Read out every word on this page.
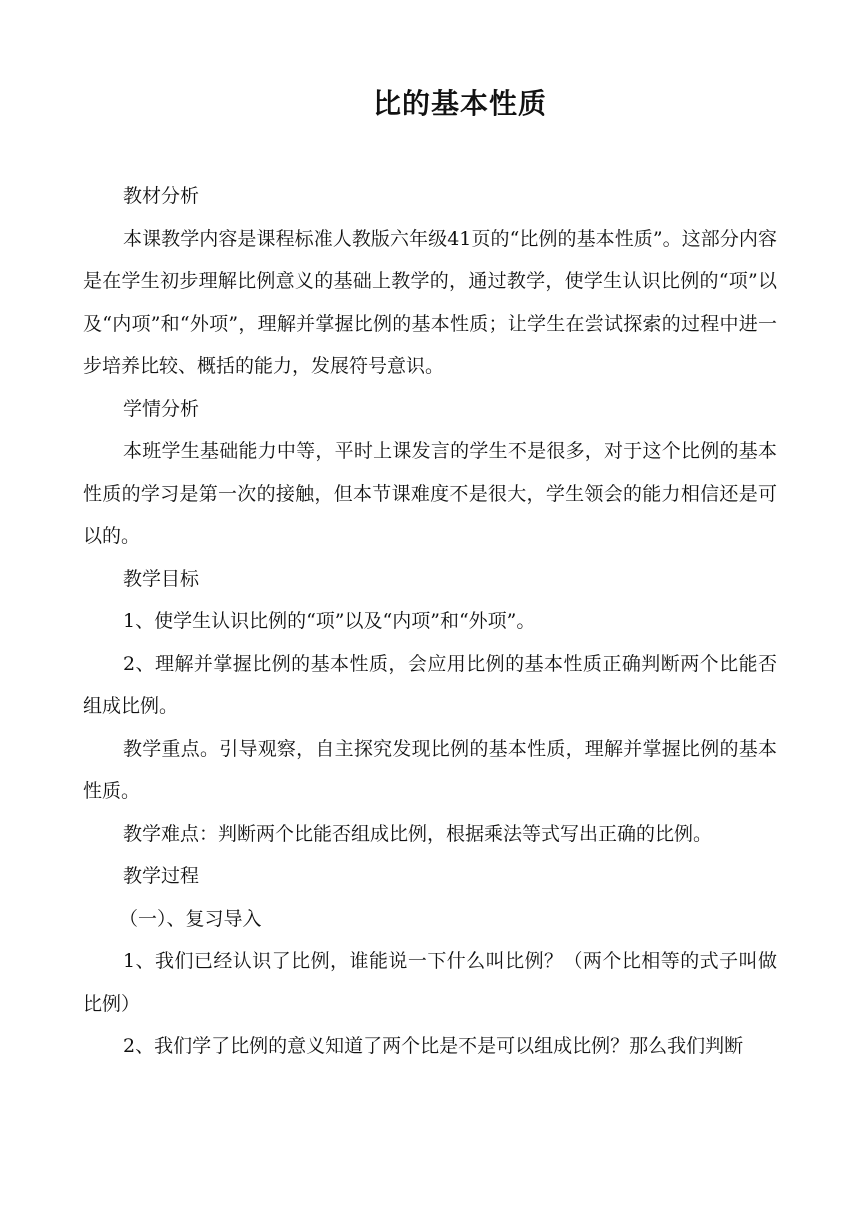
比的基本性质

教材分析

本课教学内容是课程标准人教版六年级41页的“比例的基本性质”。这部分内容是在学生初步理解比例意义的基础上教学的，通过教学，使学生认识比例的“项”以及“内项”和“外项”，理解并掌握比例的基本性质；让学生在尝试探索的过程中进一步培养比较、概括的能力，发展符号意识。

学情分析

本班学生基础能力中等，平时上课发言的学生不是很多，对于这个比例的基本性质的学习是第一次的接触，但本节课难度不是很大，学生领会的能力相信还是可以的。

教学目标

1、使学生认识比例的“项”以及“内项”和“外项”。

2、理解并掌握比例的基本性质，会应用比例的基本性质正确判断两个比能否组成比例。

教学重点。引导观察，自主探究发现比例的基本性质，理解并掌握比例的基本性质。

教学难点：判断两个比能否组成比例，根据乘法等式写出正确的比例。

教学过程

（一）、复习导入

1、我们已经认识了比例，谁能说一下什么叫比例？（两个比相等的式子叫做比例）

2、我们学了比例的意义知道了两个比是不是可以组成比例？那么我们判断
